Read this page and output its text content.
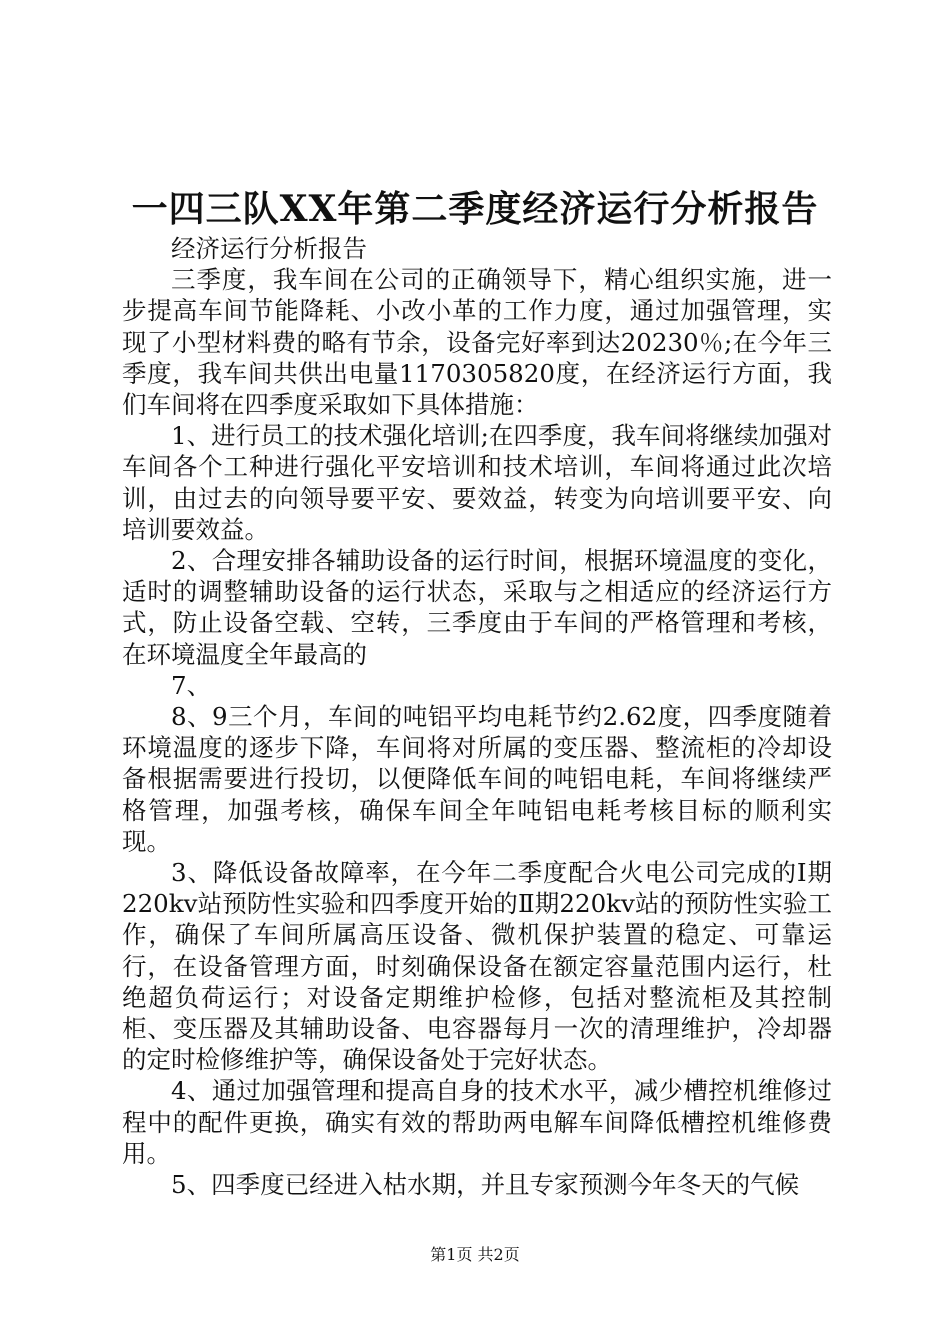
一四三队XX年第二季度经济运行分析报告

经济运行分析报告

三季度，我车间在公司的正确领导下，精心组织实施，进一步提高车间节能降耗、小改小革的工作力度，通过加强管理，实现了小型材料费的略有节余，设备完好率到达20230％;在今年三季度，我车间共供出电量1170305820度，在经济运行方面，我们车间将在四季度采取如下具体措施：

1、进行员工的技术强化培训;在四季度，我车间将继续加强对车间各个工种进行强化平安培训和技术培训，车间将通过此次培训，由过去的向领导要平安、要效益，转变为向培训要平安、向培训要效益。

2、合理安排各辅助设备的运行时间，根据环境温度的变化，适时的调整辅助设备的运行状态，采取与之相适应的经济运行方式，防止设备空载、空转，三季度由于车间的严格管理和考核，在环境温度全年最高的

7、

8、9三个月，车间的吨铝平均电耗节约2.62度，四季度随着环境温度的逐步下降，车间将对所属的变压器、整流柜的冷却设备根据需要进行投切，以便降低车间的吨铝电耗，车间将继续严格管理，加强考核，确保车间全年吨铝电耗考核目标的顺利实现。

3、降低设备故障率，在今年二季度配合火电公司完成的Ⅰ期220kv站预防性实验和四季度开始的Ⅱ期220kv站的预防性实验工作，确保了车间所属高压设备、微机保护装置的稳定、可靠运行，在设备管理方面，时刻确保设备在额定容量范围内运行，杜绝超负荷运行；对设备定期维护检修，包括对整流柜及其控制柜、变压器及其辅助设备、电容器每月一次的清理维护，冷却器的定时检修维护等，确保设备处于完好状态。

4、通过加强管理和提高自身的技术水平，减少槽控机维修过程中的配件更换，确实有效的帮助两电解车间降低槽控机维修费用。

5、四季度已经进入枯水期，并且专家预测今年冬天的气候

第1页 共2页
